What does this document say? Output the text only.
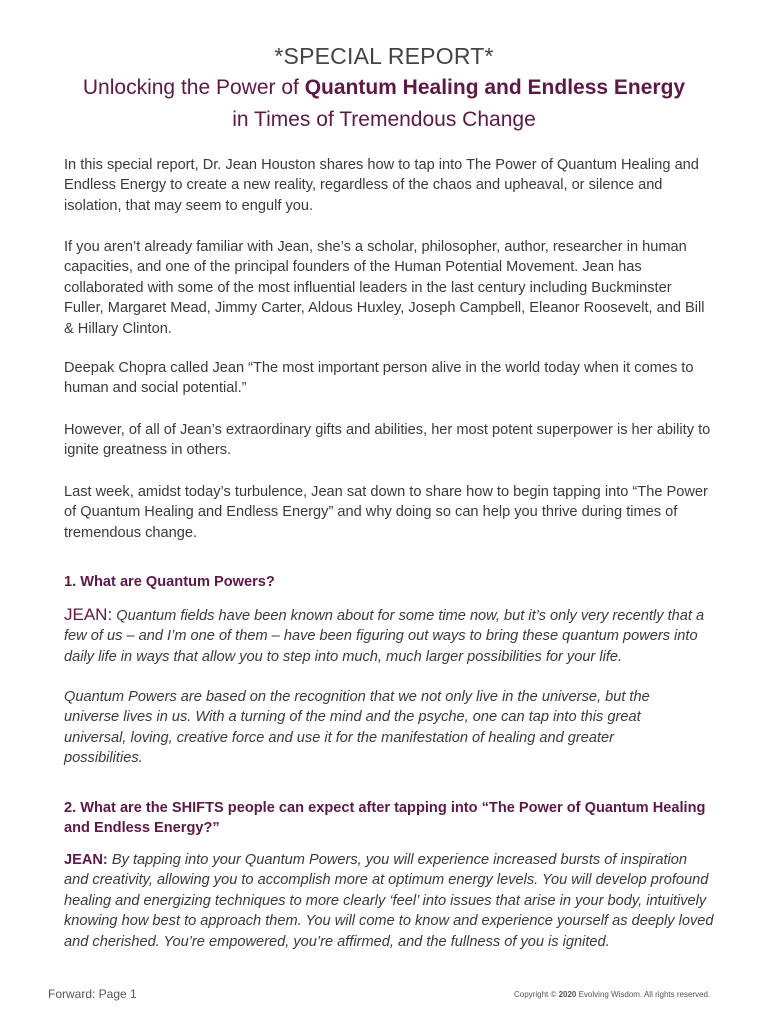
*SPECIAL REPORT*
Unlocking the Power of Quantum Healing and Endless Energy
in Times of Tremendous Change

In this special report, Dr. Jean Houston shares how to tap into The Power of Quantum Healing and Endless Energy to create a new reality, regardless of the chaos and upheaval, or silence and isolation, that may seem to engulf you.

If you aren’t already familiar with Jean, she’s a scholar, philosopher, author, researcher in human capacities, and one of the principal founders of the Human Potential Movement. Jean has collaborated with some of the most influential leaders in the last century including Buckminster Fuller, Margaret Mead, Jimmy Carter, Aldous Huxley, Joseph Campbell, Eleanor Roosevelt, and Bill & Hillary Clinton.

Deepak Chopra called Jean “The most important person alive in the world today when it comes to human and social potential.”

However, of all of Jean’s extraordinary gifts and abilities, her most potent superpower is her ability to ignite greatness in others.

Last week, amidst today’s turbulence, Jean sat down to share how to begin tapping into “The Power of Quantum Healing and Endless Energy” and why doing so can help you thrive during times of tremendous change.

1. What are Quantum Powers?

JEAN: Quantum fields have been known about for some time now, but it’s only very recently that a few of us – and I’m one of them – have been figuring out ways to bring these quantum powers into daily life in ways that allow you to step into much, much larger possibilities for your life.

Quantum Powers are based on the recognition that we not only live in the universe, but the universe lives in us. With a turning of the mind and the psyche, one can tap into this great universal, loving, creative force and use it for the manifestation of healing and greater possibilities.

2. What are the SHIFTS people can expect after tapping into “The Power of Quantum Healing and Endless Energy?”

JEAN: By tapping into your Quantum Powers, you will experience increased bursts of inspiration and creativity, allowing you to accomplish more at optimum energy levels. You will develop profound healing and energizing techniques to more clearly ‘feel’ into issues that arise in your body, intuitively knowing how best to approach them. You will come to know and experience yourself as deeply loved and cherished. You’re empowered, you’re affirmed, and the fullness of you is ignited.

Forward: Page 1	Copyright © 2020 Evolving Wisdom. All rights reserved.
